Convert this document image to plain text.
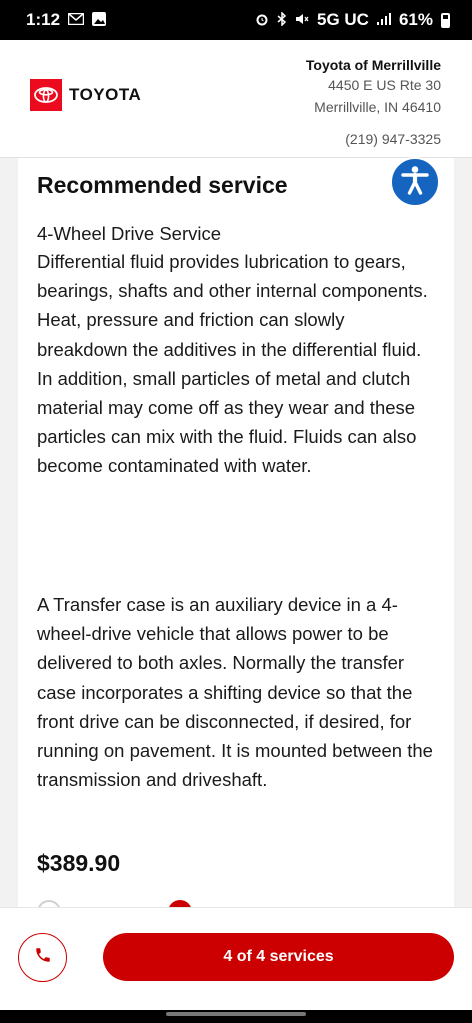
1:12	5G UC 61%
TOYOTA
Toyota of Merrillville
4450 E US Rte 30
Merrillville, IN 46410
(219) 947-3325
Recommended service
4-Wheel Drive Service

Differential fluid provides lubrication to gears, bearings, shafts and other internal components. Heat, pressure and friction can slowly breakdown the additives in the differential fluid. In addition, small particles of metal and clutch material may come off as they wear and these particles can mix with the fluid. Fluids can also become contaminated with water.

A Transfer case is an auxiliary device in a 4-wheel-drive vehicle that allows power to be delivered to both axles. Normally the transfer case incorporates a shifting device so that the front drive can be disconnected, if desired, for running on pavement. It is mounted between the transmission and driveshaft.

$389.90
4 of 4 services
